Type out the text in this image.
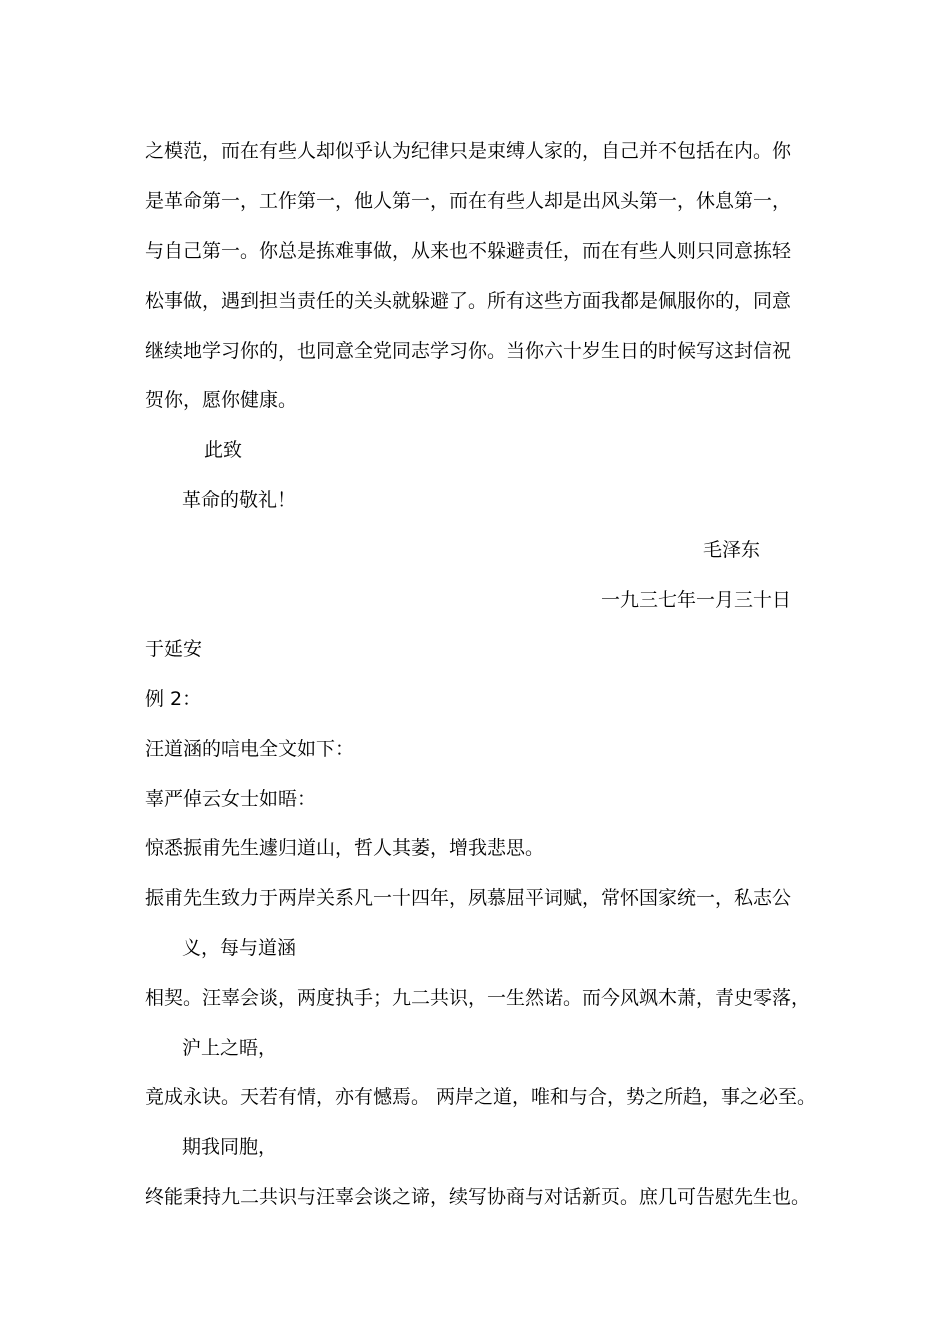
之模范，而在有些人却似乎认为纪律只是束缚人家的，自己并不包括在内。你

是革命第一，工作第一，他人第一，而在有些人却是出风头第一，休息第一，

与自己第一。你总是拣难事做，从来也不躲避责任，而在有些人则只同意拣轻

松事做，遇到担当责任的关头就躲避了。所有这些方面我都是佩服你的，同意

继续地学习你的，也同意全党同志学习你。当你六十岁生日的时候写这封信祝

贺你，愿你健康。

此致

革命的敬礼！

毛泽东

一九三七年一月三十日

于延安

例 2：

汪道涵的唁电全文如下：

辜严倬云女士如晤：

惊悉振甫先生遽归道山，哲人其萎，增我悲思。

振甫先生致力于两岸关系凡一十四年，夙慕屈平词赋，常怀国家统一，私志公

义，每与道涵

相契。汪辜会谈，两度执手；九二共识，一生然诺。而今风飒木萧，青史零落，

沪上之晤，

竟成永诀。天若有情，亦有憾焉。 两岸之道，唯和与合，势之所趋，事之必至。

期我同胞，

终能秉持九二共识与汪辜会谈之谛，续写协商与对话新页。庶几可告慰先生也。
